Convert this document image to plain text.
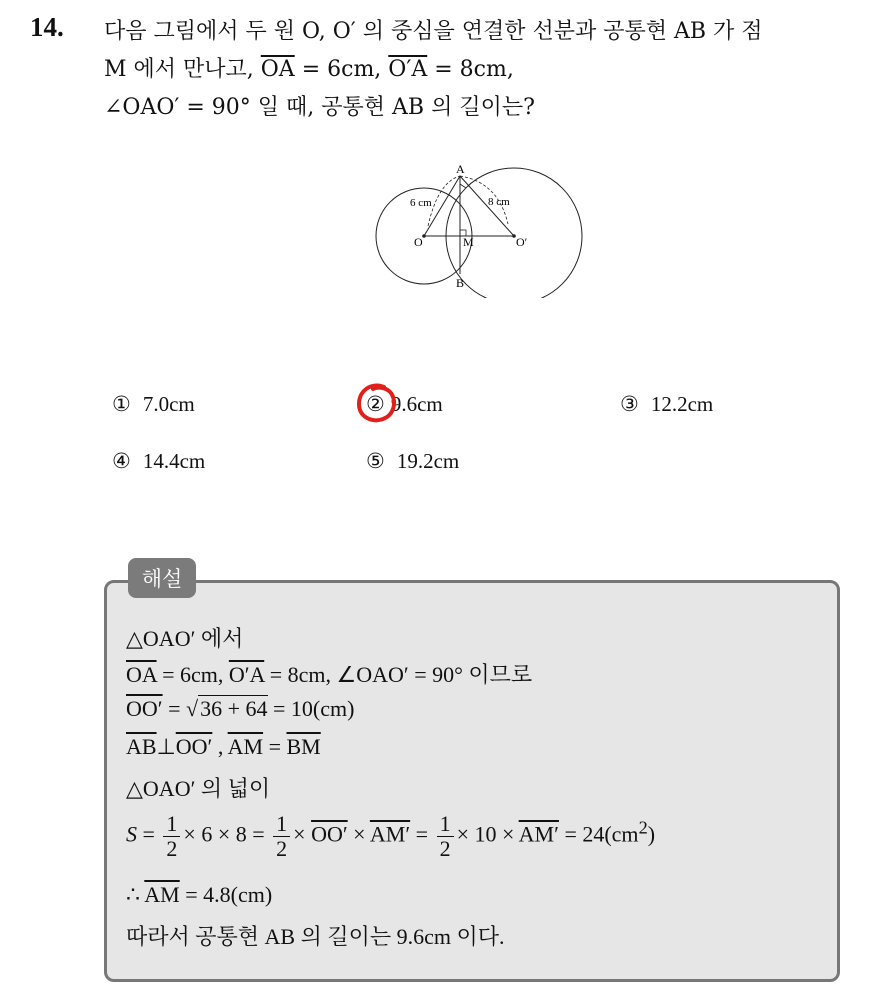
14. 다음 그림에서 두 원 O, O′ 의 중심을 연결한 선분과 공통현 AB 가 점
M 에서 만나고, $\overline{OA} = 6cm$, O′A = 8cm,
∠OAO′ = 90° 일 때, 공통현 AB 의 길이는?
A
B
O	O′
M
6 cm	8 cm
① 7.0cm	② 9.6cm	③ 12.2cm
④ 14.4cm	⑤ 19.2cm
해설
△OAO′ 에서
$\overline{OA} = 6cm$, O′A = 8cm, ∠OAO′ = 90° 이므로
OO′ = √36 + 64 = 10(cm)
$\overline{AB}\perp OO'$ , $\overline{AM} = \overline{BM}$
△OAO′ 의 넓이
$S = \frac{1}{2} \times 6 \times 8 = \frac{1}{2} \times OO' \times AM' = \frac{1}{2} \times 10 \times AM' = 24(cm^2)$
∴ $\overline{AM} = 4.8(cm)$
따라서 공통현 AB 의 길이는 9.6cm 이다.
